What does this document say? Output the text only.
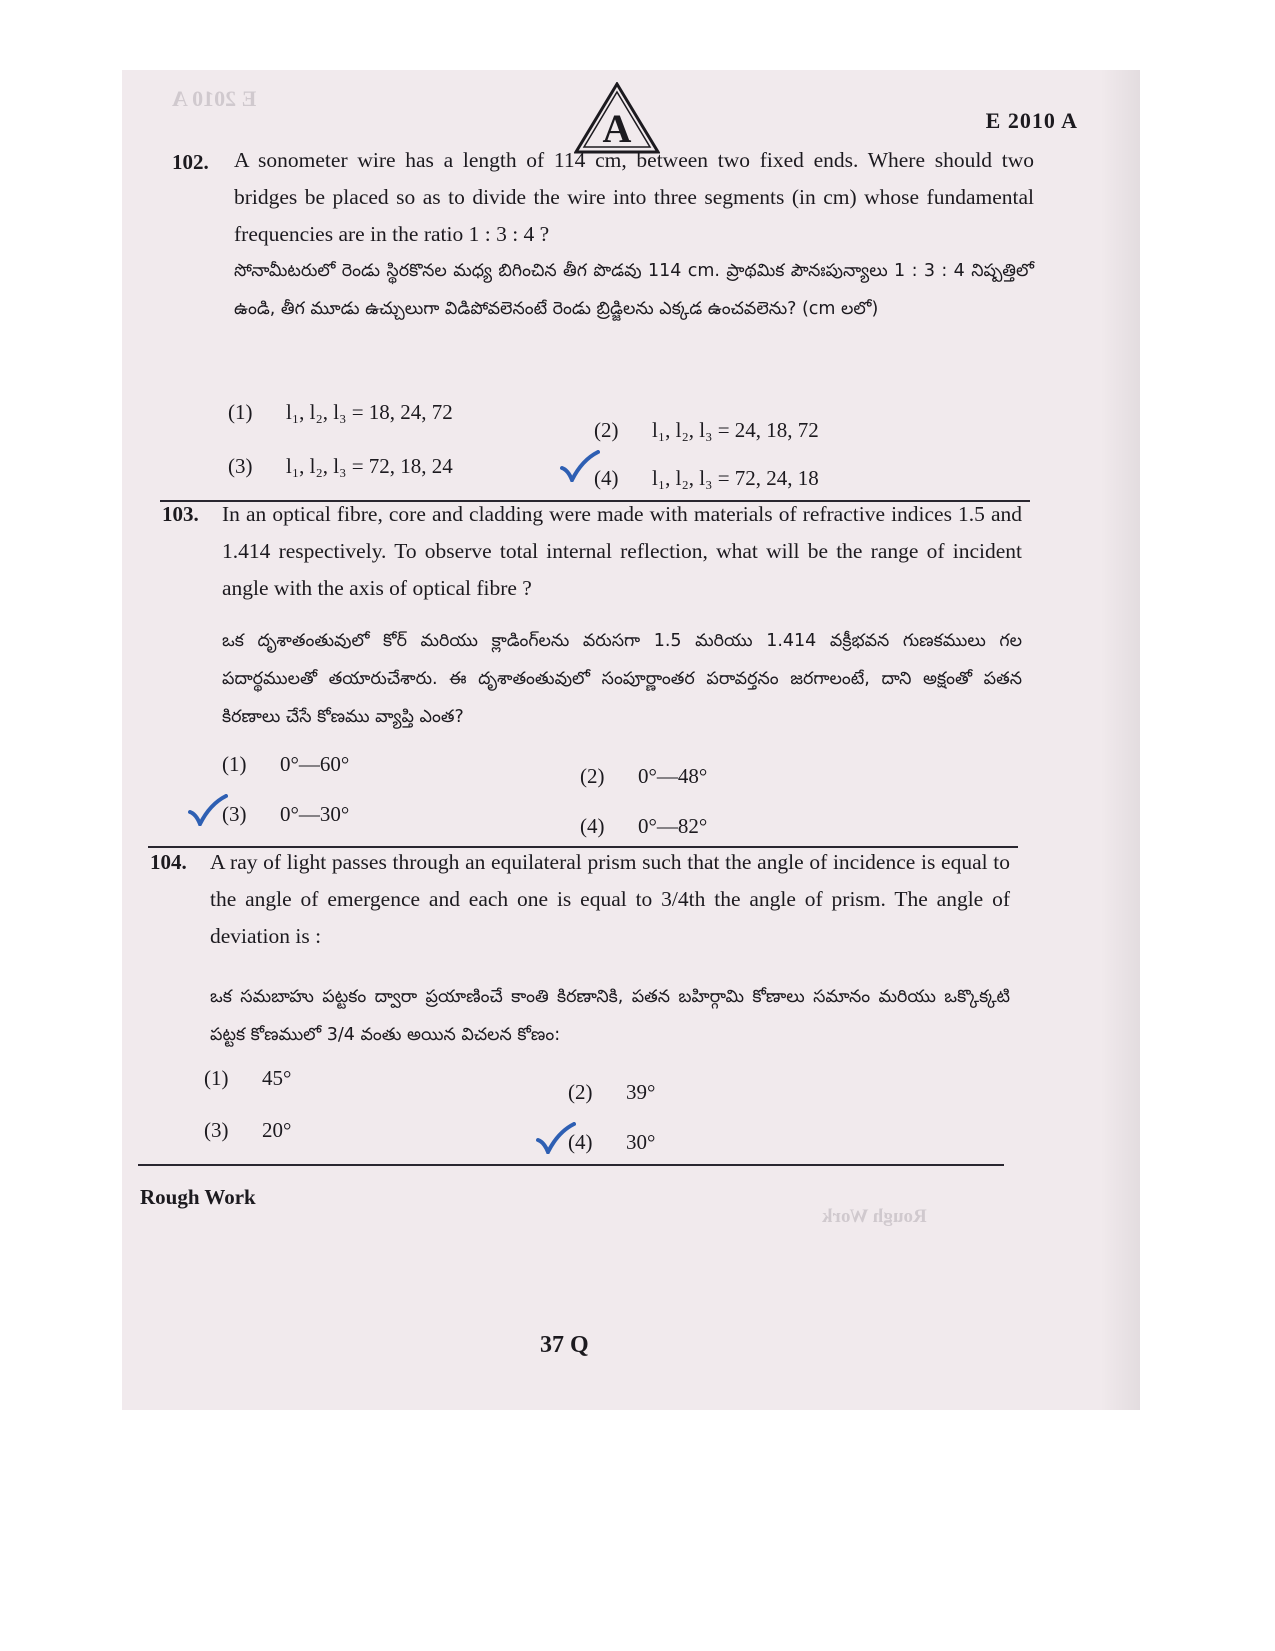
E 2010 A
Rough Work
A	E 2010 A
102. A sonometer wire has a length of 114 cm, between two fixed ends. Where should two bridges be placed so as to divide the wire into three segments (in cm) whose fundamental frequencies are in the ratio 1 : 3 : 4 ?
సోనామీటరులో రెండు స్థిరకొనల మధ్య బిగించిన తీగ పొడవు 114 cm. ప్రాథమిక పౌనఃపున్యాలు 1 : 3 : 4 నిష్పత్తిలో ఉండి, తీగ మూడు ఉచ్చులుగా విడిపోవలెనంటే రెండు బ్రిడ్జిలను ఎక్కడ ఉంచవలెను? (cm లలో)
(1) l₁, l₂, l₃ = 18, 24, 72
(2) l₁, l₂, l₃ = 24, 18, 72
(3) l₁, l₂, l₃ = 72, 18, 24	(4) l₁, l₂, l₃ = 72, 24, 18
103. In an optical fibre, core and cladding were made with materials of refractive indices 1.5 and 1.414 respectively. To observe total internal reflection, what will be the range of incident angle with the axis of optical fibre ?
ఒక దృశాతంతువులో కోర్ మరియు క్లాడింగ్‌లను వరుసగా 1.5 మరియు 1.414 వక్రీభవన గుణకములు గల పదార్థములతో తయారుచేశారు. ఈ దృశాతంతువులో సంపూర్ణాంతర పరావర్తనం జరగాలంటే, దాని అక్షంతో పతన కిరణాలు చేసే కోణము వ్యాప్తి ఎంత?
(1) 0°—60°	(2) 0°—48°
(3) 0°—30°	(4) 0°—82°
104. A ray of light passes through an equilateral prism such that the angle of incidence is equal to the angle of emergence and each one is equal to 3/4th the angle of prism. The angle of deviation is :
ఒక సమబాహు పట్టకం ద్వారా ప్రయాణించే కాంతి కిరణానికి, పతన బహిర్గామి కోణాలు సమానం మరియు ఒక్కొక్కటి పట్టక కోణములో 3/4 వంతు అయిన విచలన కోణం:
(1) 45°
(2) 39°
(3) 20°	(4) 30°
Rough Work
37 Q
